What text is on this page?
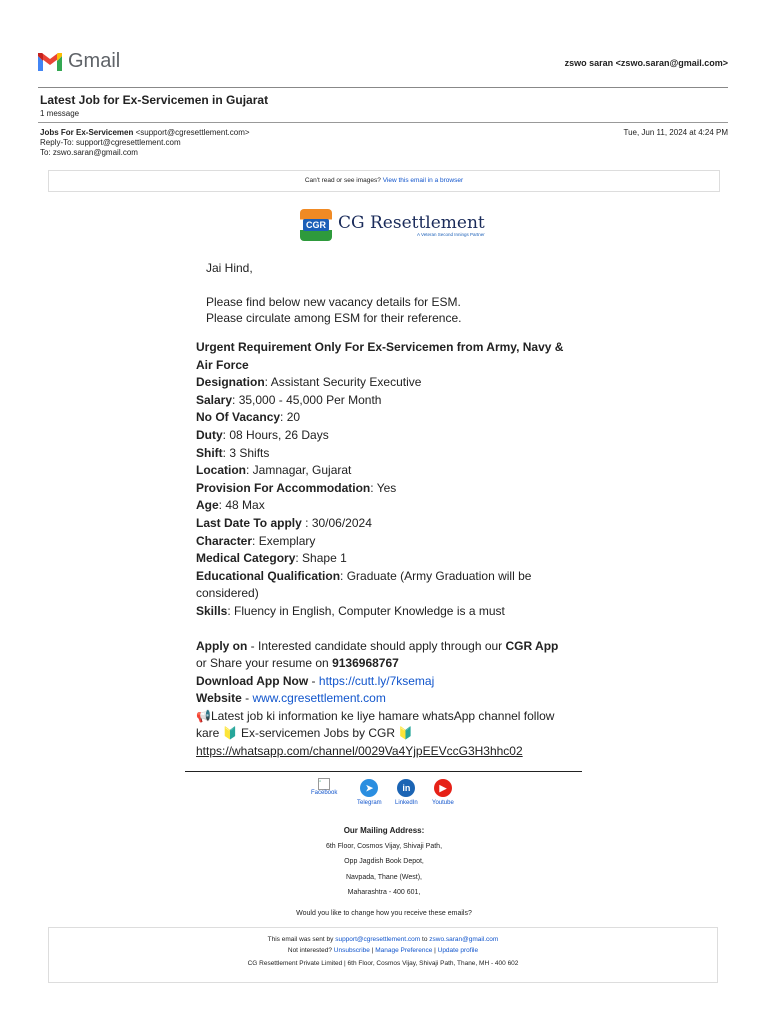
Gmail	zswo saran <zswo.saran@gmail.com>
Latest Job for Ex-Servicemen in Gujarat
1 message
Jobs For Ex-Servicemen <support@cgresettlement.com>
Reply-To: support@cgresettlement.com
To: zswo.saran@gmail.com
Tue, Jun 11, 2024 at 4:24 PM
Can't read or see images? View this email in a browser
CGR CG Resettlement
A Veteran Second Innings Partner
Jai Hind,
Please find below new vacancy details for ESM.
Please circulate among ESM for their reference.

Urgent Requirement Only For Ex-Servicemen from Army, Navy & Air Force

Designation: Assistant Security Executive

Salary: 35,000 - 45,000 Per Month

No Of Vacancy: 20

Duty: 08 Hours, 26 Days

Shift: 3 Shifts

Location: Jamnagar, Gujarat

Provision For Accommodation: Yes

Age: 48 Max

Last Date To apply : 30/06/2024

Character: Exemplary

Medical Category: Shape 1

Educational Qualification: Graduate (Army Graduation will be considered)

Skills: Fluency in English, Computer Knowledge is a must

Apply on - Interested candidate should apply through our CGR App
or Share your resume on 9136968767

Download App Now - https://cutt.ly/7ksemaj

Website - www.cgresettlement.com

📢Latest job ki information ke liye hamare whatsApp channel follow kare 🔰 Ex-servicemen Jobs by CGR 🔰

https://whatsapp.com/channel/0029Va4YjpEEVccG3H3hhc02

▫
Facebook
➤
Telegram
in
LinkedIn
▶
Youtube
Our Mailing Address:
6th Floor, Cosmos Vijay, Shivaji Path,
Opp Jagdish Book Depot,
Navpada, Thane (West),
Maharashtra - 400 601,
Would you like to change how you receive these emails?
This email was sent by support@cgresettlement.com to zswo.saran@gmail.com
Not interested? Unsubscribe | Manage Preference | Update profile
CG Resettlement Private Limited | 6th Floor, Cosmos Vijay, Shivaji Path, Thane, MH - 400 602
